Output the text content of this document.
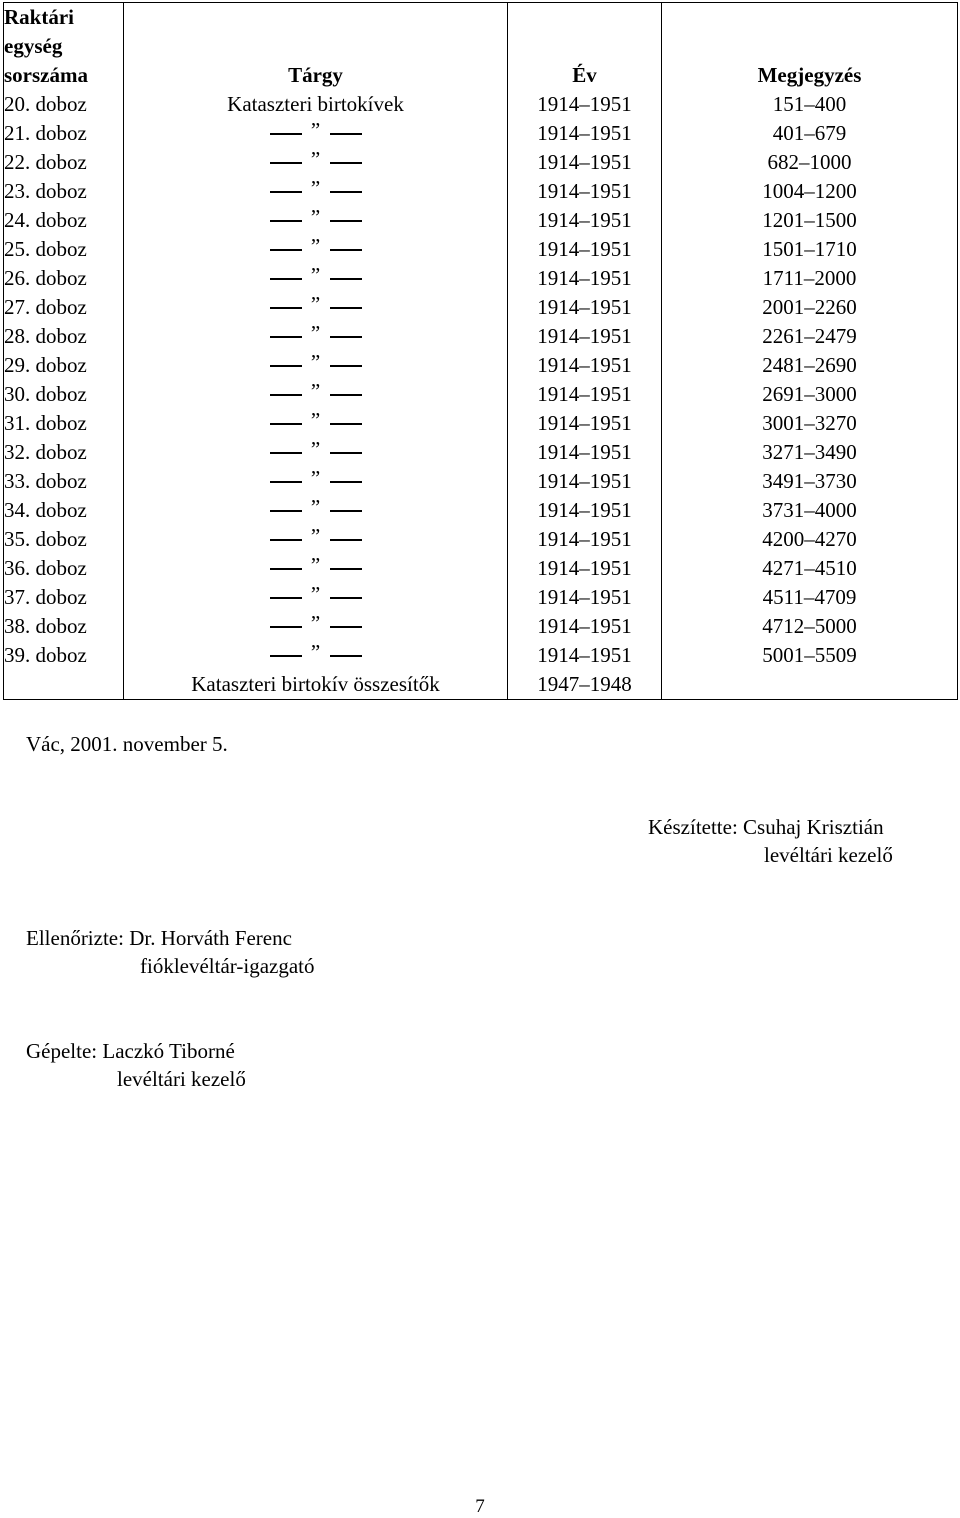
Raktári
egység
sorszáma	Tárgy	Év	Megjegyzés
20. doboz	Kataszteri birtokívek	1914–1951	151–400
21. doboz	”	1914–1951	401–679
22. doboz	”	1914–1951	682–1000
23. doboz	”	1914–1951	1004–1200
24. doboz	”	1914–1951	1201–1500
25. doboz	”	1914–1951	1501–1710
26. doboz	”	1914–1951	1711–2000
27. doboz	”	1914–1951	2001–2260
28. doboz	”	1914–1951	2261–2479
29. doboz	”	1914–1951	2481–2690
30. doboz	”	1914–1951	2691–3000
31. doboz	”	1914–1951	3001–3270
32. doboz	”	1914–1951	3271–3490
33. doboz	”	1914–1951	3491–3730
34. doboz	”	1914–1951	3731–4000
35. doboz	”	1914–1951	4200–4270
36. doboz	”	1914–1951	4271–4510
37. doboz	”	1914–1951	4511–4709
38. doboz	”	1914–1951	4712–5000
39. doboz	”	1914–1951	5001–5509
	Kataszteri birtokív összesítők	1947–1948	
Vác, 2001. november 5.
Készítette: Csuhaj Krisztián
levéltári kezelő
Ellenőrizte: Dr. Horváth Ferenc
fióklevéltár-igazgató
Gépelte: Laczkó Tiborné
levéltári kezelő
7
